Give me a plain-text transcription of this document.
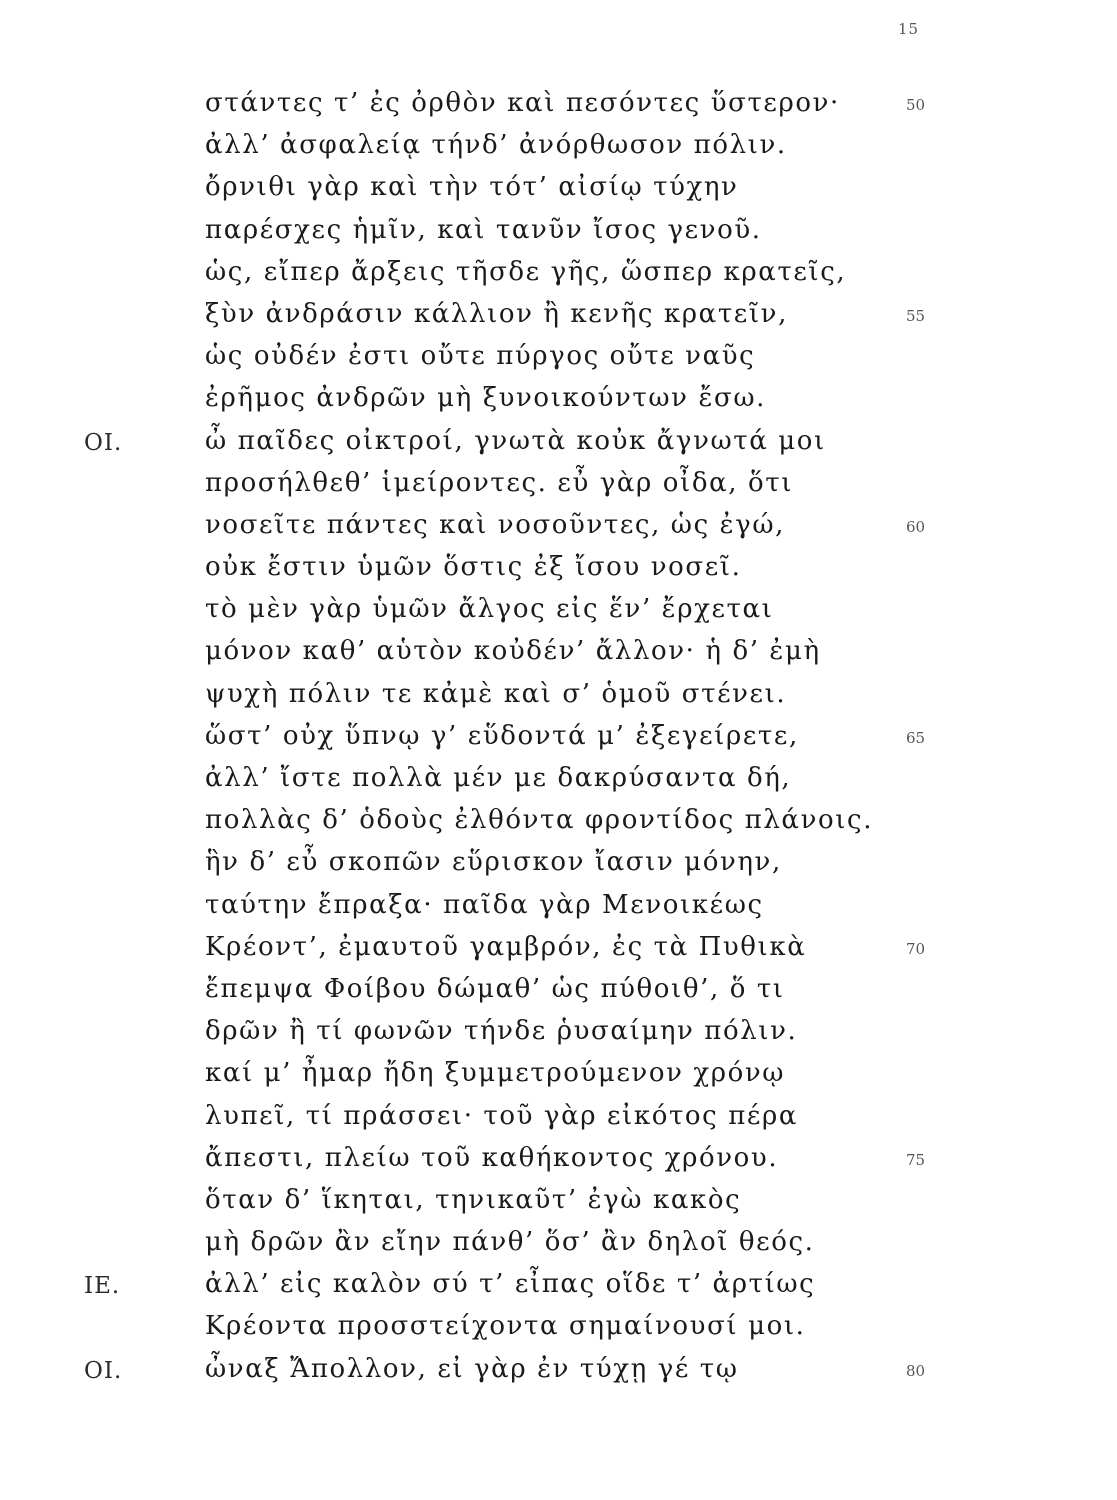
15
στάντες τ’ ἐς ὀρθὸν καὶ πεσόντες ὕστερον·	50
ἀλλ’ ἀσφαλείᾳ τήνδ’ ἀνόρθωσον πόλιν.
ὄρνιθι γὰρ καὶ τὴν τότ’ αἰσίῳ τύχην
παρέσχες ἡμῖν, καὶ τανῦν ἴσος γενοῦ.
ὡς, εἴπερ ἄρξεις τῆσδε γῆς, ὥσπερ κρατεῖς,
ξὺν ἀνδράσιν κάλλιον ἢ κενῆς κρατεῖν,	55
ὡς οὐδέν ἐστι οὔτε πύργος οὔτε ναῦς
ἐρῆμος ἀνδρῶν μὴ ξυνοικούντων ἔσω.
ΟΙ.	ὦ παῖδες οἰκτροί, γνωτὰ κοὐκ ἄγνωτά μοι
προσήλθεθ’ ἱμείροντες. εὖ γὰρ οἶδα, ὅτι
νοσεῖτε πάντες καὶ νοσοῦντες, ὡς ἐγώ,	60
οὐκ ἔστιν ὑμῶν ὅστις ἐξ ἴσου νοσεῖ.
τὸ μὲν γὰρ ὑμῶν ἄλγος εἰς ἕν’ ἔρχεται
μόνον καθ’ αὑτὸν κοὐδέν’ ἄλλον· ἡ δ’ ἐμὴ
ψυχὴ πόλιν τε κἀμὲ καὶ σ’ ὁμοῦ στένει.
ὥστ’ οὐχ ὕπνῳ γ’ εὕδοντά μ’ ἐξεγείρετε,	65
ἀλλ’ ἴστε πολλὰ μέν με δακρύσαντα δή,
πολλὰς δ’ ὁδοὺς ἐλθόντα φροντίδος πλάνοις.
ἣν δ’ εὖ σκοπῶν εὕρισκον ἴασιν μόνην,
ταύτην ἔπραξα· παῖδα γὰρ Μενοικέως
Κρέοντ’, ἐμαυτοῦ γαμβρόν, ἐς τὰ Πυθικὰ	70
ἔπεμψα Φοίβου δώμαθ’ ὡς πύθοιθ’, ὅ τι
δρῶν ἢ τί φωνῶν τήνδε ῥυσαίμην πόλιν.
καί μ’ ἦμαρ ἤδη ξυμμετρούμενον χρόνῳ
λυπεῖ, τί πράσσει· τοῦ γὰρ εἰκότος πέρα
ἄπεστι, πλείω τοῦ καθήκοντος χρόνου.	75
ὅταν δ’ ἵκηται, τηνικαῦτ’ ἐγὼ κακὸς
μὴ δρῶν ἂν εἴην πάνθ’ ὅσ’ ἂν δηλοῖ θεός.
ΙΕ.	ἀλλ’ εἰς καλὸν σύ τ’ εἶπας οἵδε τ’ ἀρτίως
Κρέοντα προσστείχοντα σημαίνουσί μοι.
ΟΙ.	ὦναξ Ἄπολλον, εἰ γὰρ ἐν τύχῃ γέ τῳ	80
